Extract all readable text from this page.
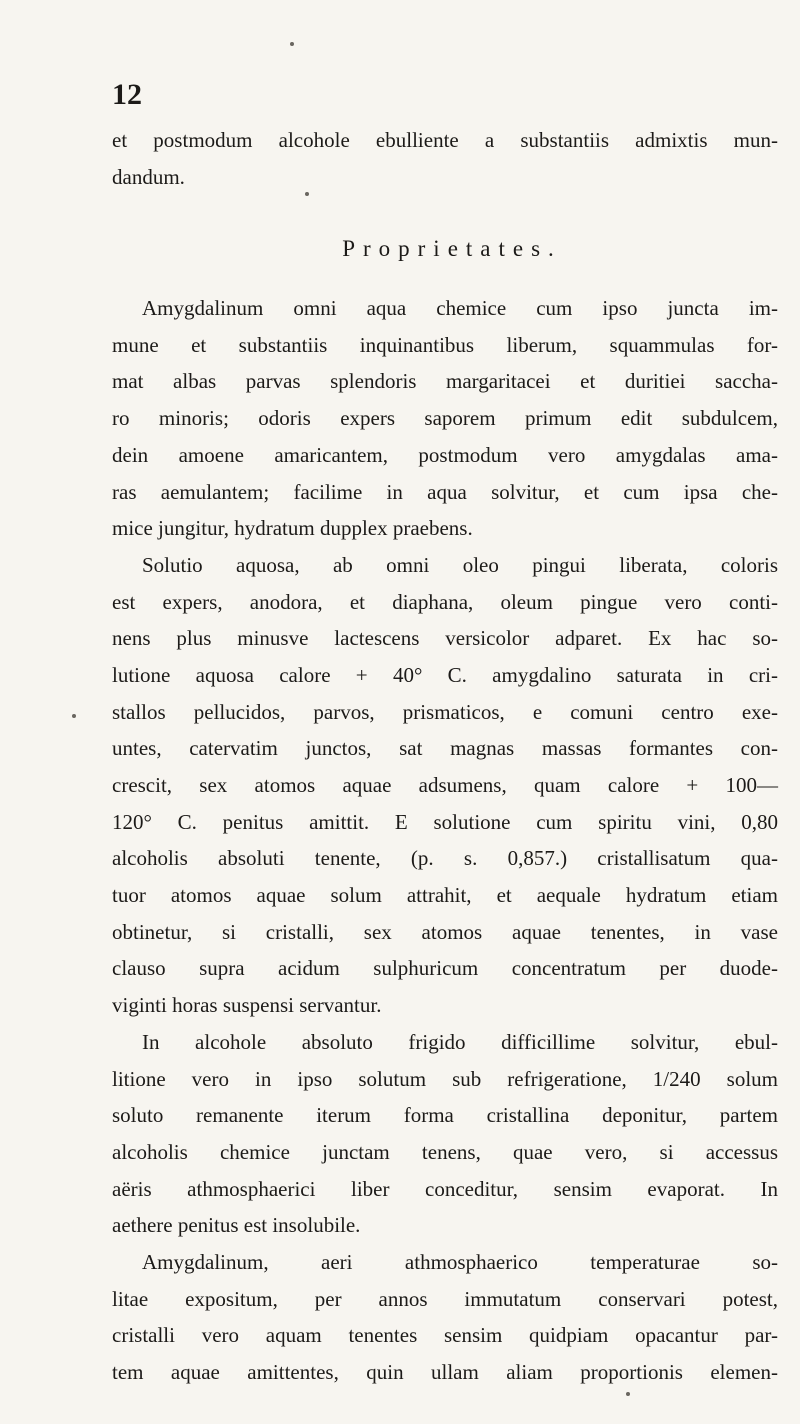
12
et postmodum alcohole ebulliente a substantiis admixtis mun-
dandum.
Proprietates.
Amygdalinum omni aqua chemice cum ipso juncta im-
mune et substantiis inquinantibus liberum, squammulas for-
mat albas parvas splendoris margaritacei et duritiei saccha-
ro minoris; odoris expers saporem primum edit subdulcem,
dein amoene amaricantem, postmodum vero amygdalas ama-
ras aemulantem; facilime in aqua solvitur, et cum ipsa che-
mice jungitur, hydratum dupplex praebens.
Solutio aquosa, ab omni oleo pingui liberata, coloris
est expers, anodora, et diaphana, oleum pingue vero conti-
nens plus minusve lactescens versicolor adparet. Ex hac so-
lutione aquosa calore + 40° C. amygdalino saturata in cri-
stallos pellucidos, parvos, prismaticos, e comuni centro exe-
untes, catervatim junctos, sat magnas massas formantes con-
crescit, sex atomos aquae adsumens, quam calore + 100—
120° C. penitus amittit. E solutione cum spiritu vini, 0,80
alcoholis absoluti tenente, (p. s. 0,857.) cristallisatum qua-
tuor atomos aquae solum attrahit, et aequale hydratum etiam
obtinetur, si cristalli, sex atomos aquae tenentes, in vase
clauso supra acidum sulphuricum concentratum per duode-
viginti horas suspensi servantur.
In alcohole absoluto frigido difficillime solvitur, ebul-
litione vero in ipso solutum sub refrigeratione, 1/240 solum
soluto remanente iterum forma cristallina deponitur, partem
alcoholis chemice junctam tenens, quae vero, si accessus
aëris athmosphaerici liber conceditur, sensim evaporat. In
aethere penitus est insolubile.
Amygdalinum, aeri athmosphaerico temperaturae so-
litae expositum, per annos immutatum conservari potest,
cristalli vero aquam tenentes sensim quidpiam opacantur par-
tem aquae amittentes, quin ullam aliam proportionis elemen-
